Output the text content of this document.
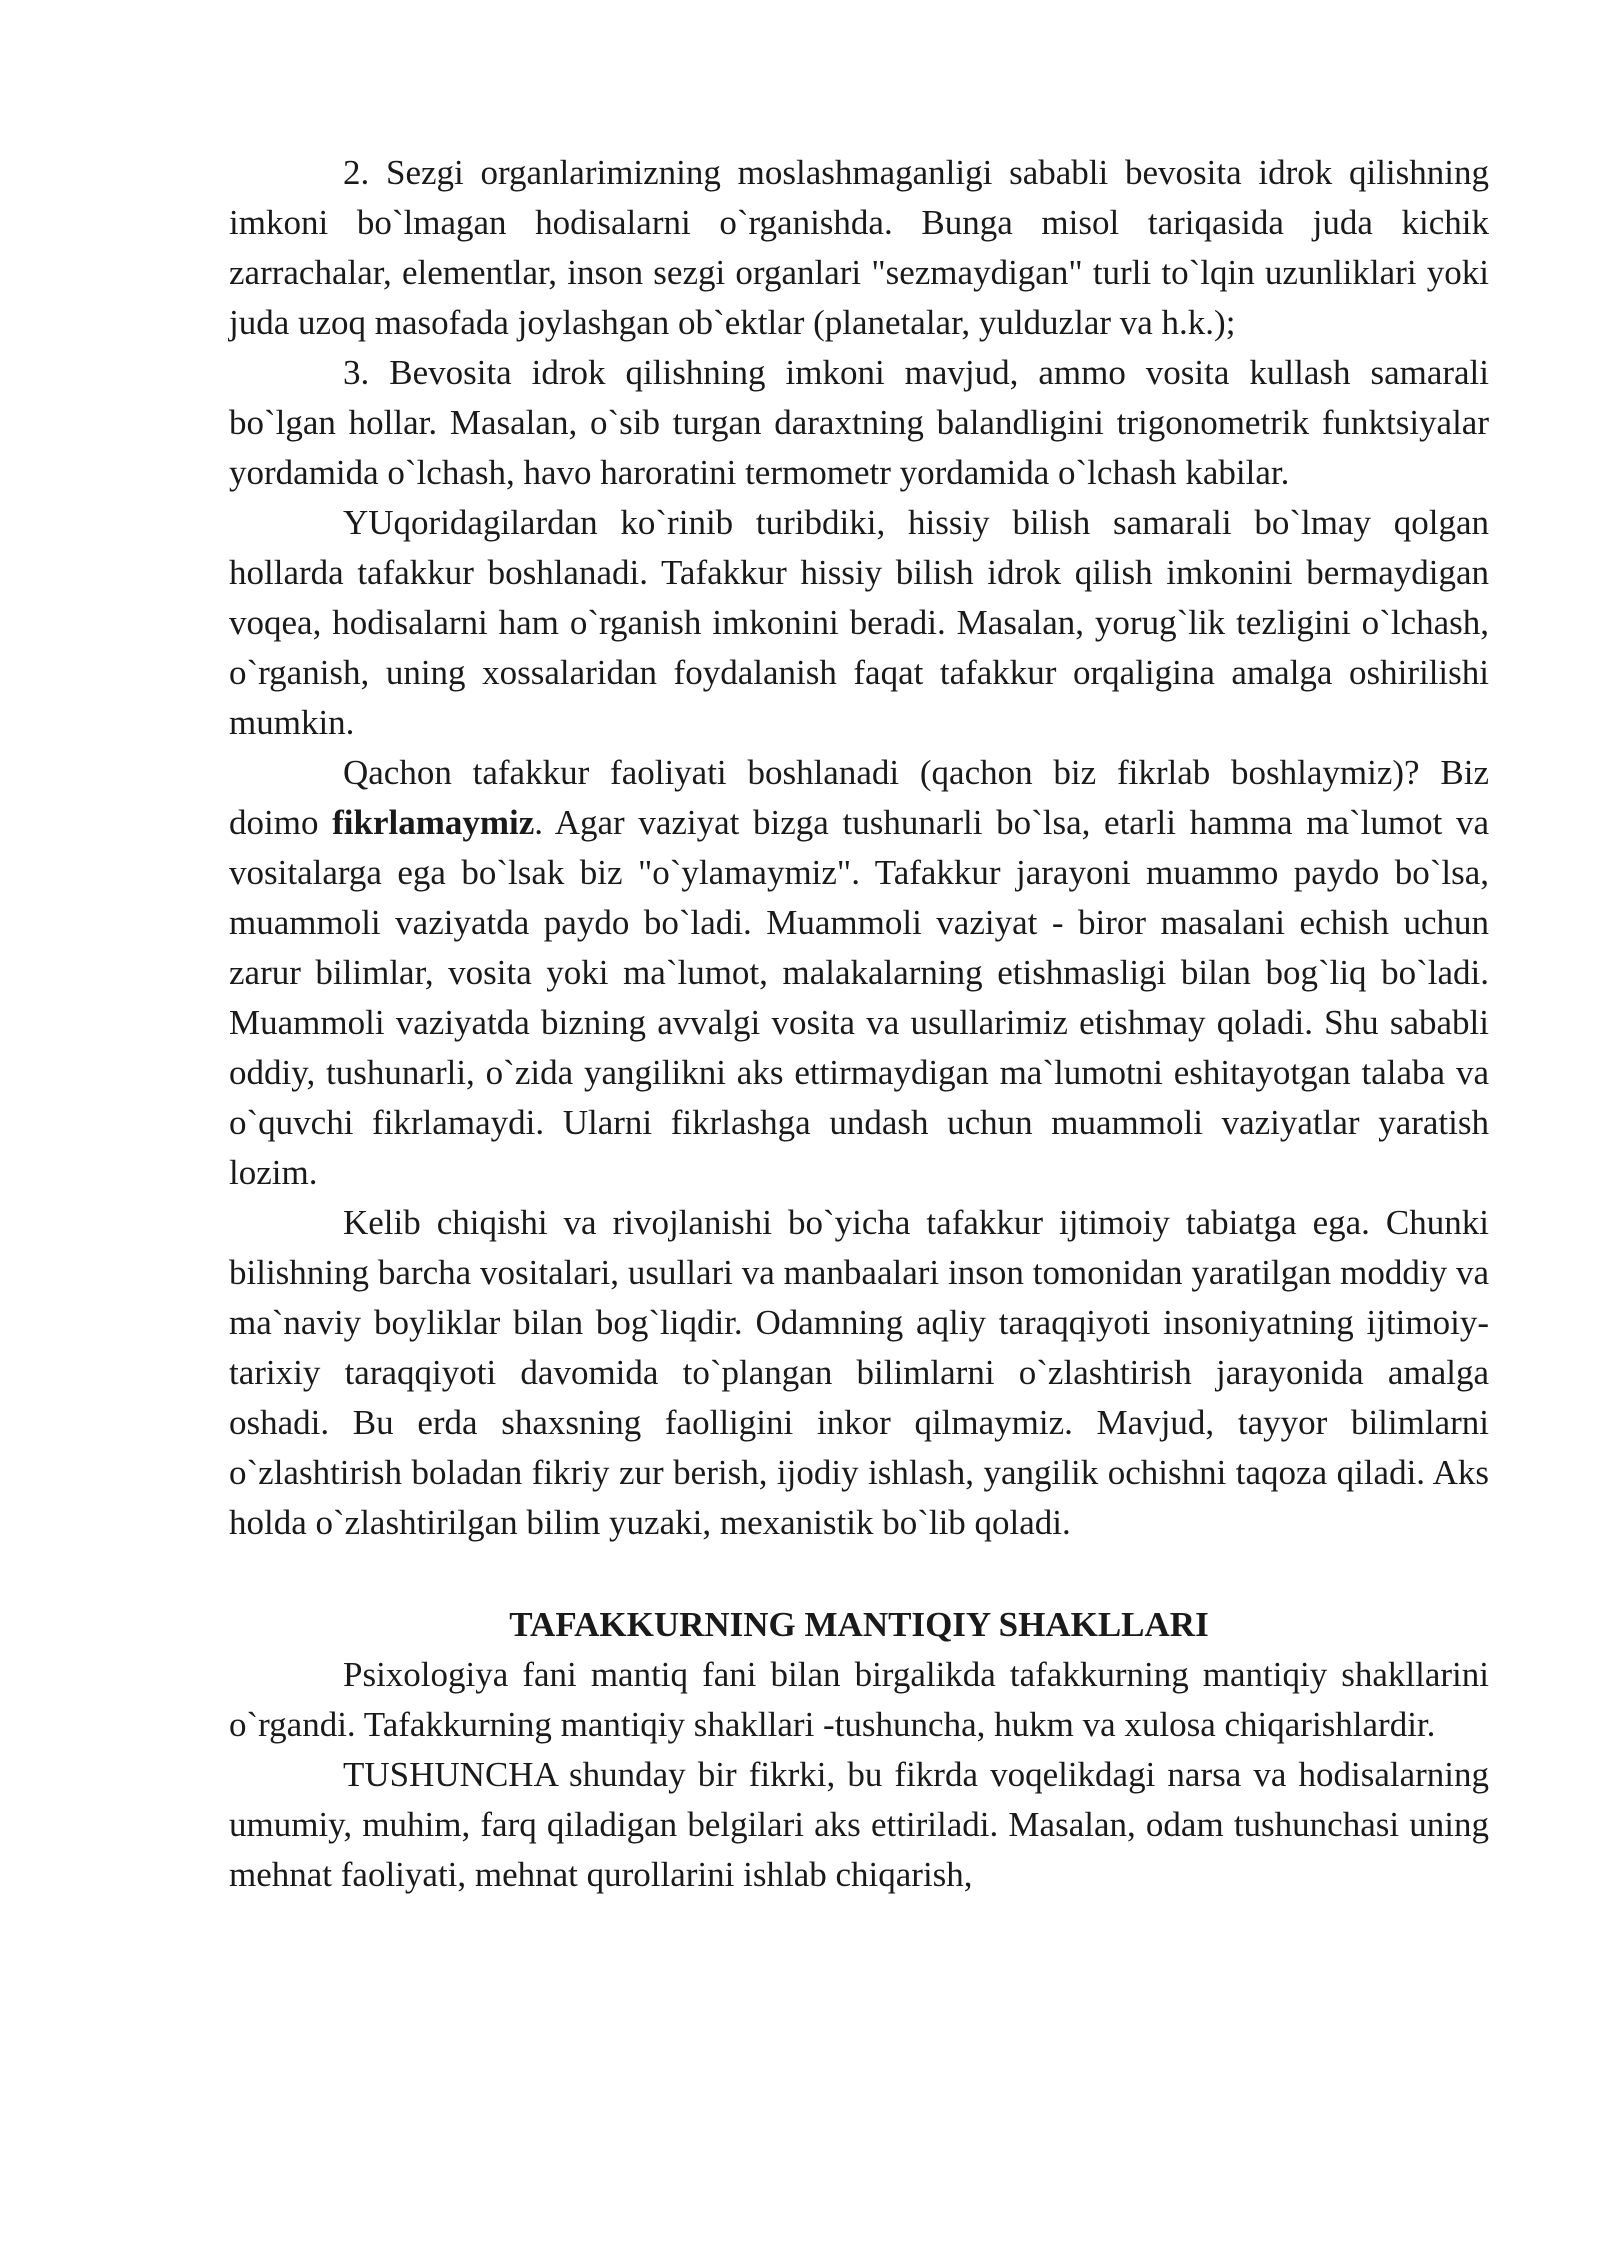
2. Sezgi organlarimizning moslashmaganligi sababli bevosita idrok qilishning imkoni bo`lmagan hodisalarni o`rganishda. Bunga misol tariqasida juda kichik zarrachalar, elementlar, inson sezgi organlari "sezmaydigan" turli to`lqin uzunliklari yoki juda uzoq masofada joylashgan ob`ektlar (planetalar, yulduzlar va h.k.);

3. Bevosita idrok qilishning imkoni mavjud, ammo vosita kullash samarali bo`lgan hollar. Masalan, o`sib turgan daraxtning balandligini trigonometrik funktsiyalar yordamida o`lchash, havo haroratini termometr yordamida o`lchash kabilar.

YUqoridagilardan ko`rinib turibdiki, hissiy bilish samarali bo`lmay qolgan hollarda tafakkur boshlanadi. Tafakkur hissiy bilish idrok qilish imkonini bermaydigan voqea, hodisalarni ham o`rganish imkonini beradi. Masalan, yorug`lik tezligini o`lchash, o`rganish, uning xossalaridan foydalanish faqat tafakkur orqaligina amalga oshirilishi mumkin.

Qachon tafakkur faoliyati boshlanadi (qachon biz fikrlab boshlaymiz)? Biz doimo fikrlamaymiz. Agar vaziyat bizga tushunarli bo`lsa, etarli hamma ma`lumot va vositalarga ega bo`lsak biz "o`ylamaymiz". Tafakkur jarayoni muammo paydo bo`lsa, muammoli vaziyatda paydo bo`ladi. Muammoli vaziyat - biror masalani echish uchun zarur bilimlar, vosita yoki ma`lumot, malakalarning etishmasligi bilan bog`liq bo`ladi. Muammoli vaziyatda bizning avvalgi vosita va usullarimiz etishmay qoladi. Shu sababli oddiy, tushunarli, o`zida yangilikni aks ettirmaydigan ma`lumotni eshitayotgan talaba va o`quvchi fikrlamaydi. Ularni fikrlashga undash uchun muammoli vaziyatlar yaratish lozim.

Kelib chiqishi va rivojlanishi bo`yicha tafakkur ijtimoiy tabiatga ega. Chunki bilishning barcha vositalari, usullari va manbaalari inson tomonidan yaratilgan moddiy va ma`naviy boyliklar bilan bog`liqdir. Odamning aqliy taraqqiyoti insoniyatning ijtimoiy-tarixiy taraqqiyoti davomida to`plangan bilimlarni o`zlashtirish jarayonida amalga oshadi. Bu erda shaxsning faolligini inkor qilmaymiz. Mavjud, tayyor bilimlarni o`zlashtirish boladan fikriy zur berish, ijodiy ishlash, yangilik ochishni taqoza qiladi. Aks holda o`zlashtirilgan bilim yuzaki, mexanistik bo`lib qoladi.

TAFAKKURNING MANTIQIY SHAKLLARI

Psixologiya fani mantiq fani bilan birgalikda tafakkurning mantiqiy shakllarini o`rgandi. Tafakkurning mantiqiy shakllari -tushuncha, hukm va xulosa chiqarishlardir.

TUSHUNCHA shunday bir fikrki, bu fikrda voqelikdagi narsa va hodisalarning umumiy, muhim, farq qiladigan belgilari aks ettiriladi. Masalan, odam tushunchasi uning mehnat faoliyati, mehnat qurollarini ishlab chiqarish,
